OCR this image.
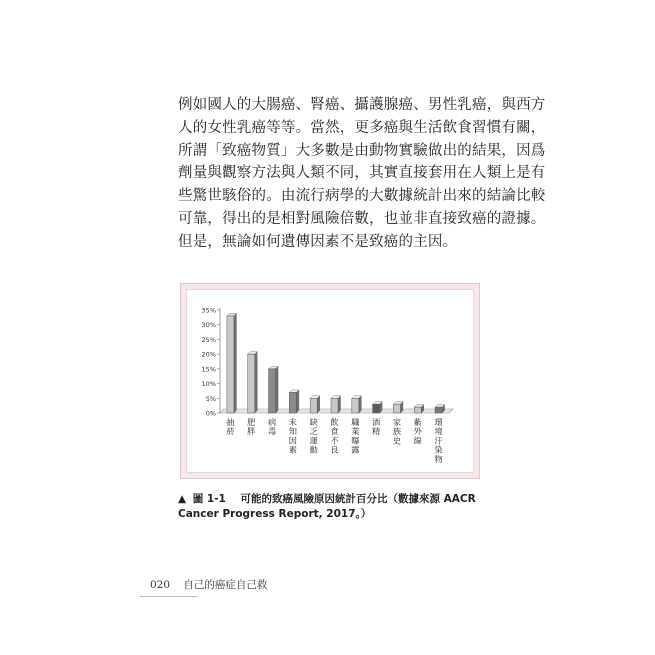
例如國人的大腸癌、腎癌、攝護腺癌、男性乳癌，與西方
人的女性乳癌等等。當然，更多癌與生活飲食習慣有關，
所謂「致癌物質」大多數是由動物實驗做出的結果，因爲
劑量與觀察方法與人類不同，其實直接套用在人類上是有
些驚世駭俗的。由流行病學的大數據統計出來的結論比較
可靠，得出的是相對風險倍數，也並非直接致癌的證據。
但是，無論如何遺傳因素不是致癌的主因。
0%
5%
10%
15%
20%
25%
30%
35%
抽菸
肥胖
病毒
未知因素
缺乏運動
飲食不良
職業曝露
酒精
家族史
紫外線
環境汙染物
▲ 圖 1-1 可能的致癌風險原因統計百分比（數據來源 AACR Cancer Progress Report, 2017。）
020 自己的癌症自己救
